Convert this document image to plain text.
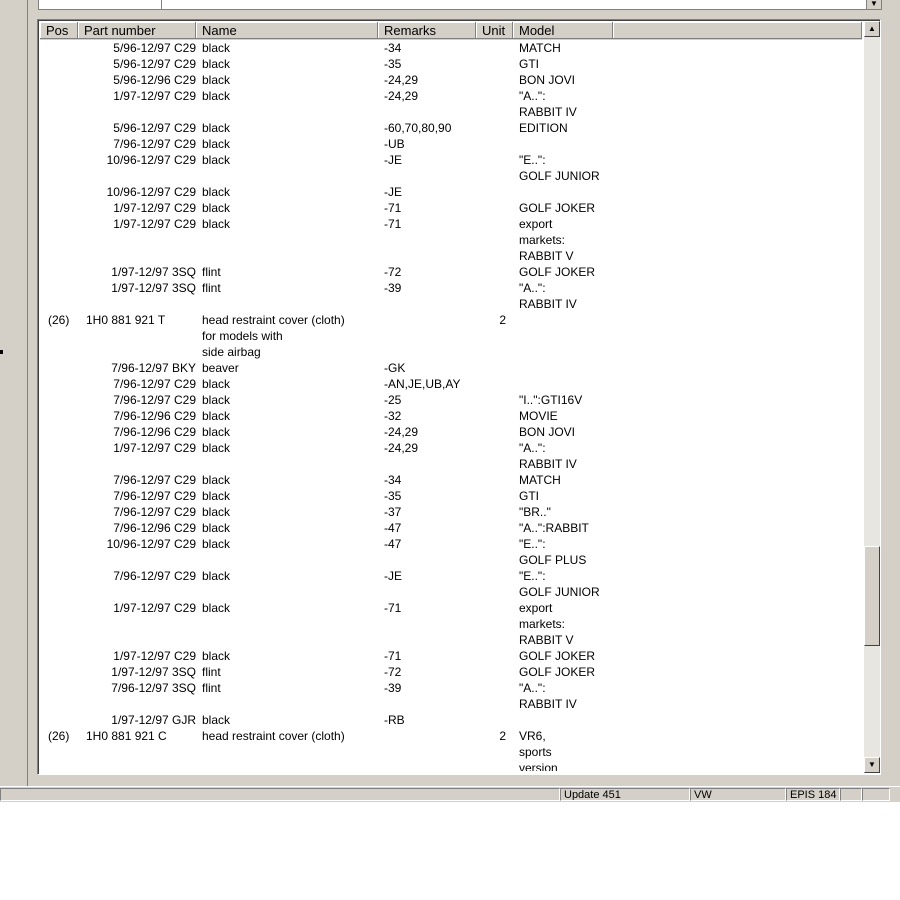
▼
Pos	Part number	Name	Remarks	Unit	Model
5/96-12/97 C29 black	-34	MATCH
5/96-12/97 C29 black	-35	GTI
5/96-12/96 C29 black	-24,29	BON JOVI
1/97-12/97 C29 black	-24,29	"A..":
RABBIT IV
5/96-12/97 C29 black	-60,70,80,90	EDITION
7/96-12/97 C29 black	-UB
10/96-12/97 C29 black	-JE	"E..":
GOLF JUNIOR
10/96-12/97 C29 black	-JE
1/97-12/97 C29 black	-71	GOLF JOKER
1/97-12/97 C29 black	-71	export
markets:
RABBIT V
1/97-12/97 3SQ flint	-72	GOLF JOKER
1/97-12/97 3SQ flint	-39	"A..":
RABBIT IV
(26) 1H0 881 921 T	head restraint cover (cloth)	2
for models with
side airbag
7/96-12/97 BKY beaver	-GK
7/96-12/97 C29 black	-AN,JE,UB,AY
7/96-12/97 C29 black	-25	"I..":GTI16V
7/96-12/96 C29 black	-32	MOVIE
7/96-12/96 C29 black	-24,29	BON JOVI
1/97-12/97 C29 black	-24,29	"A..":
RABBIT IV
7/96-12/97 C29 black	-34	MATCH
7/96-12/97 C29 black	-35	GTI
7/96-12/97 C29 black	-37	"BR.."
7/96-12/96 C29 black	-47	"A..":RABBIT
10/96-12/97 C29 black	-47	"E..":
GOLF PLUS
7/96-12/97 C29 black	-JE	"E..":
GOLF JUNIOR
1/97-12/97 C29 black	-71	export
markets:
RABBIT V
1/97-12/97 C29 black	-71	GOLF JOKER
1/97-12/97 3SQ flint	-72	GOLF JOKER
7/96-12/97 3SQ flint	-39	"A..":
RABBIT IV
1/97-12/97 GJR black	-RB
(26) 1H0 881 921 C	head restraint cover (cloth)	2 VR6,
sports
version
▲
▼
Update 451	VW	EPIS 184
